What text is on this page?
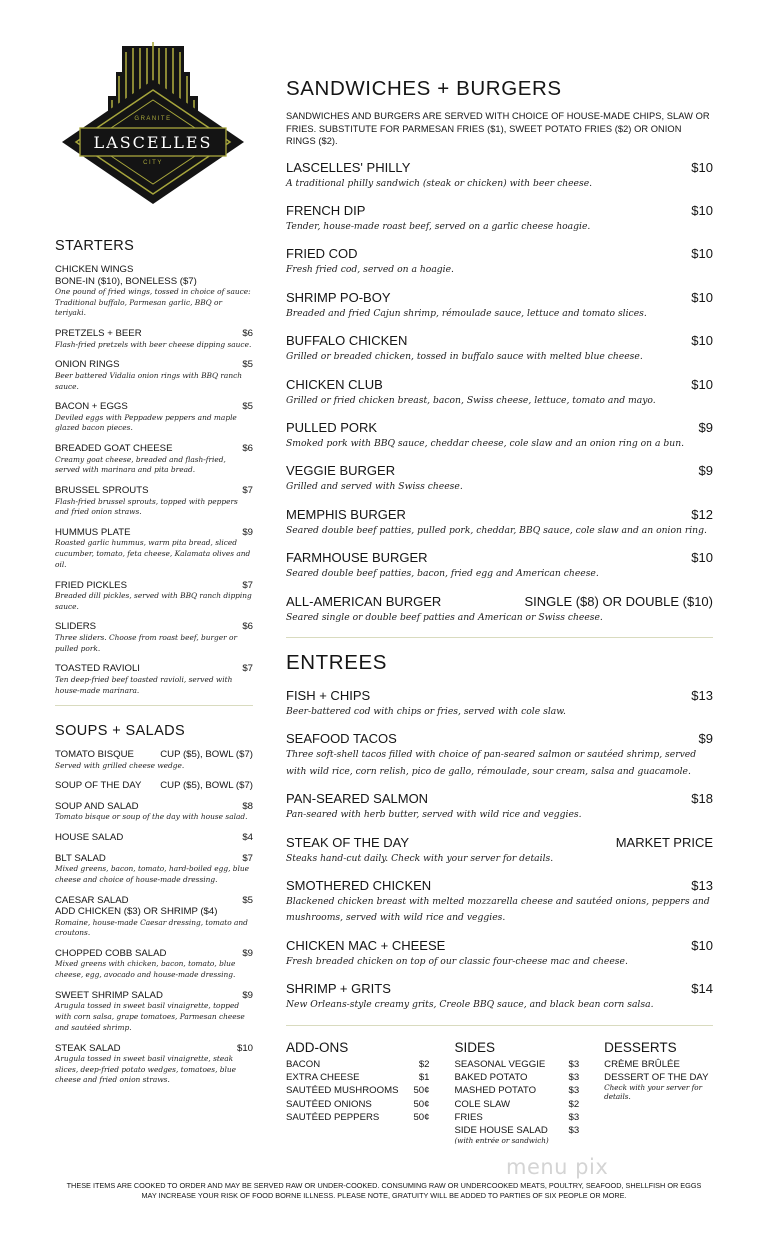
GRANITE
LASCELLES
CITY
STARTERS
CHICKEN WINGS
BONE-IN ($10), BONELESS ($7)
One pound of fried wings, tossed in choice of sauce: Traditional buffalo, Parmesan garlic, BBQ or teriyaki.
PRETZELS + BEER	$6
Flash-fried pretzels with beer cheese dipping sauce.
ONION RINGS	$5
Beer battered Vidalia onion rings with BBQ ranch sauce.
BACON + EGGS	$5
Deviled eggs with Peppadew peppers and maple glazed bacon pieces.
BREADED GOAT CHEESE	$6
Creamy goat cheese, breaded and flash-fried, served with marinara and pita bread.
BRUSSEL SPROUTS	$7
Flash-fried brussel sprouts, topped with peppers and fried onion straws.
HUMMUS PLATE	$9
Roasted garlic hummus, warm pita bread, sliced cucumber, tomato, feta cheese, Kalamata olives and oil.
FRIED PICKLES	$7
Breaded dill pickles, served with BBQ ranch dipping sauce.
SLIDERS	$6
Three sliders. Choose from roast beef, burger or pulled pork.
TOASTED RAVIOLI	$7
Ten deep-fried beef toasted ravioli, served with house-made marinara.
SOUPS + SALADS
TOMATO BISQUE	CUP ($5), BOWL ($7)
Served with grilled cheese wedge.
SOUP OF THE DAY	CUP ($5), BOWL ($7)
SOUP AND SALAD	$8
Tomato bisque or soup of the day with house salad.
HOUSE SALAD	$4
BLT SALAD	$7
Mixed greens, bacon, tomato, hard-boiled egg, blue cheese and choice of house-made dressing.
CAESAR SALAD	$5
ADD CHICKEN ($3) OR SHRIMP ($4)
Romaine, house-made Caesar dressing, tomato and croutons.
CHOPPED COBB SALAD	$9
Mixed greens with chicken, bacon, tomato, blue cheese, egg, avocado and house-made dressing.
SWEET SHRIMP SALAD	$9
Arugula tossed in sweet basil vinaigrette, topped with corn salsa, grape tomatoes, Parmesan cheese and sautéed shrimp.
STEAK SALAD	$10
Arugula tossed in sweet basil vinaigrette, steak slices, deep-fried potato wedges, tomatoes, blue cheese and fried onion straws.
SANDWICHES + BURGERS
SANDWICHES AND BURGERS ARE SERVED WITH CHOICE OF HOUSE-MADE CHIPS, SLAW OR FRIES. SUBSTITUTE FOR PARMESAN FRIES ($1), SWEET POTATO FRIES ($2) OR ONION RINGS ($2).
LASCELLES' PHILLY	$10
A traditional philly sandwich (steak or chicken) with beer cheese.
FRENCH DIP	$10
Tender, house-made roast beef, served on a garlic cheese hoagie.
FRIED COD	$10
Fresh fried cod, served on a hoagie.
SHRIMP PO-BOY	$10
Breaded and fried Cajun shrimp, rémoulade sauce, lettuce and tomato slices.
BUFFALO CHICKEN	$10
Grilled or breaded chicken, tossed in buffalo sauce with melted blue cheese.
CHICKEN CLUB	$10
Grilled or fried chicken breast, bacon, Swiss cheese, lettuce, tomato and mayo.
PULLED PORK	$9
Smoked pork with BBQ sauce, cheddar cheese, cole slaw and an onion ring on a bun.
VEGGIE BURGER	$9
Grilled and served with Swiss cheese.
MEMPHIS BURGER	$12
Seared double beef patties, pulled pork, cheddar, BBQ sauce, cole slaw and an onion ring.
FARMHOUSE BURGER	$10
Seared double beef patties, bacon, fried egg and American cheese.
ALL-AMERICAN BURGER	SINGLE ($8) OR DOUBLE ($10)
Seared single or double beef patties and American or Swiss cheese.
ENTREES
FISH + CHIPS	$13
Beer-battered cod with chips or fries, served with cole slaw.
SEAFOOD TACOS	$9
Three soft-shell tacos filled with choice of pan-seared salmon or sautéed shrimp, served with wild rice, corn relish, pico de gallo, rémoulade, sour cream, salsa and guacamole.
PAN-SEARED SALMON	$18
Pan-seared with herb butter, served with wild rice and veggies.
STEAK OF THE DAY	MARKET PRICE
Steaks hand-cut daily. Check with your server for details.
SMOTHERED CHICKEN	$13
Blackened chicken breast with melted mozzarella cheese and sautéed onions, peppers and mushrooms, served with wild rice and veggies.
CHICKEN MAC + CHEESE	$10
Fresh breaded chicken on top of our classic four-cheese mac and cheese.
SHRIMP + GRITS	$14
New Orleans-style creamy grits, Creole BBQ sauce, and black bean corn salsa.
ADD-ONS
BACON	$2
EXTRA CHEESE	$1
SAUTÉED MUSHROOMS 50¢
SAUTÉED ONIONS	50¢
SAUTÉED PEPPERS	50¢
SIDES
SEASONAL VEGGIE $3
BAKED POTATO	$3
MASHED POTATO	$3
COLE SLAW	$2
FRIES	$3
SIDE HOUSE SALAD $3
(with entrée or sandwich)
DESSERTS
CRÈME BRÛLÉE
DESSERT OF THE DAY
Check with your server for details.
menu pix
THESE ITEMS ARE COOKED TO ORDER AND MAY BE SERVED RAW OR UNDER-COOKED. CONSUMING RAW OR UNDERCOOKED MEATS, POULTRY, SEAFOOD, SHELLFISH OR EGGS
MAY INCREASE YOUR RISK OF FOOD BORNE ILLNESS. PLEASE NOTE, GRATUITY WILL BE ADDED TO PARTIES OF SIX PEOPLE OR MORE.
